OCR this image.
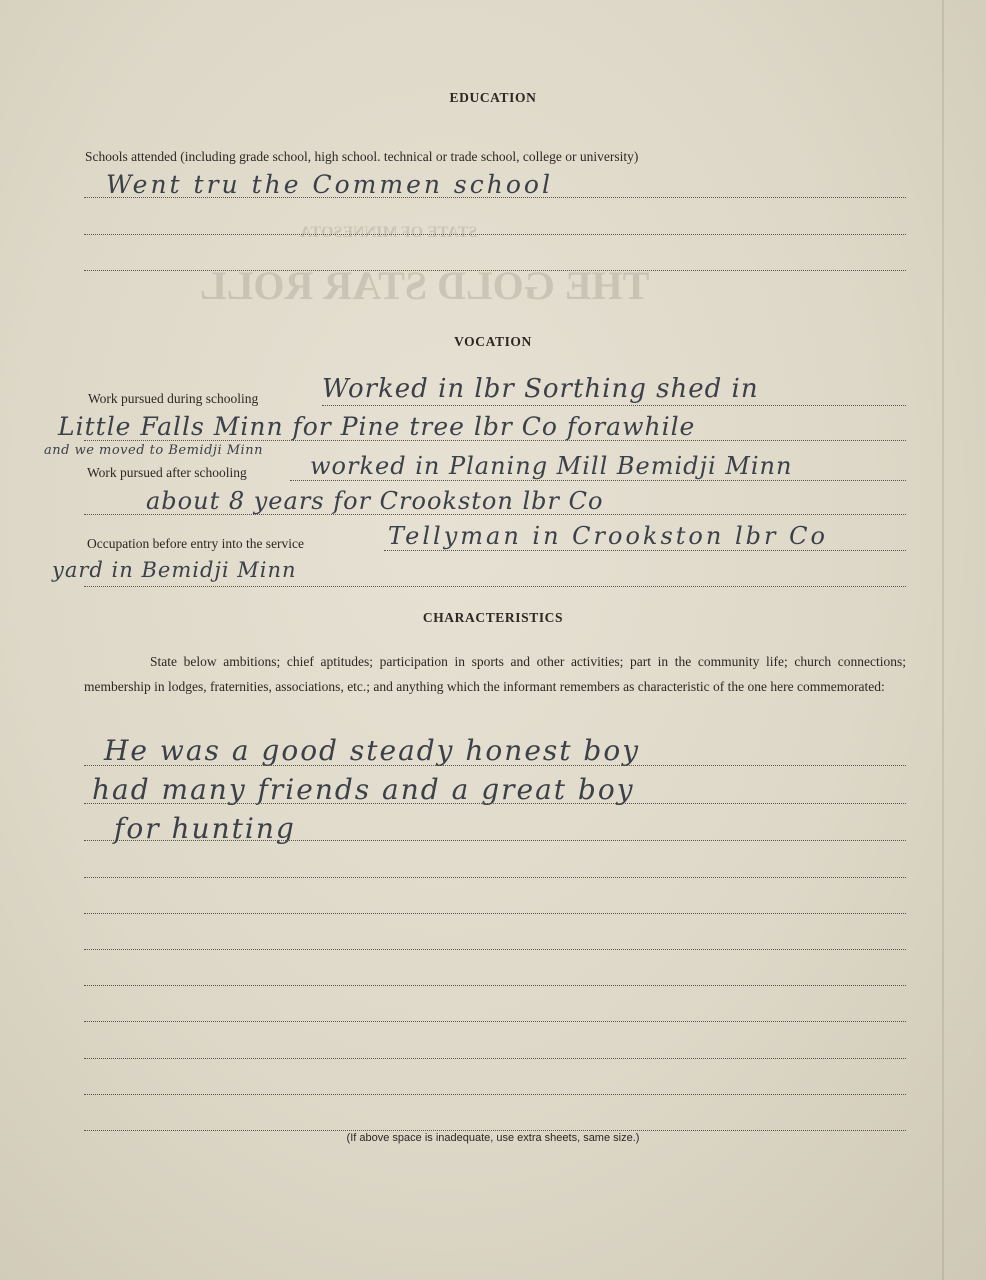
STATE OF MINNESOTA
THE GOLD STAR ROLL
EDUCATION
Schools attended (including grade school, high school. technical or trade school, college or university)
Went tru the Commen school
VOCATION
Work pursued during schooling Worked in lbr Sorthing shed in
Little Falls Minn for Pine tree lbr Co forawhile
and we moved to Bemidji Minn
Work pursued after schooling	worked in Planing Mill Bemidji Minn
about 8 years for Crookston lbr Co
Occupation before entry into the service	Tellyman in Crookston lbr Co
yard in Bemidji Minn
CHARACTERISTICS
State below ambitions; chief aptitudes; participation in sports and other activities; part in the community life; church connections; membership in lodges, fraternities, associations, etc.; and anything which the informant remembers as characteristic of the one here commemorated:
He was a good steady honest boy
had many friends and a great boy
for hunting
(If above space is inadequate, use extra sheets, same size.)
